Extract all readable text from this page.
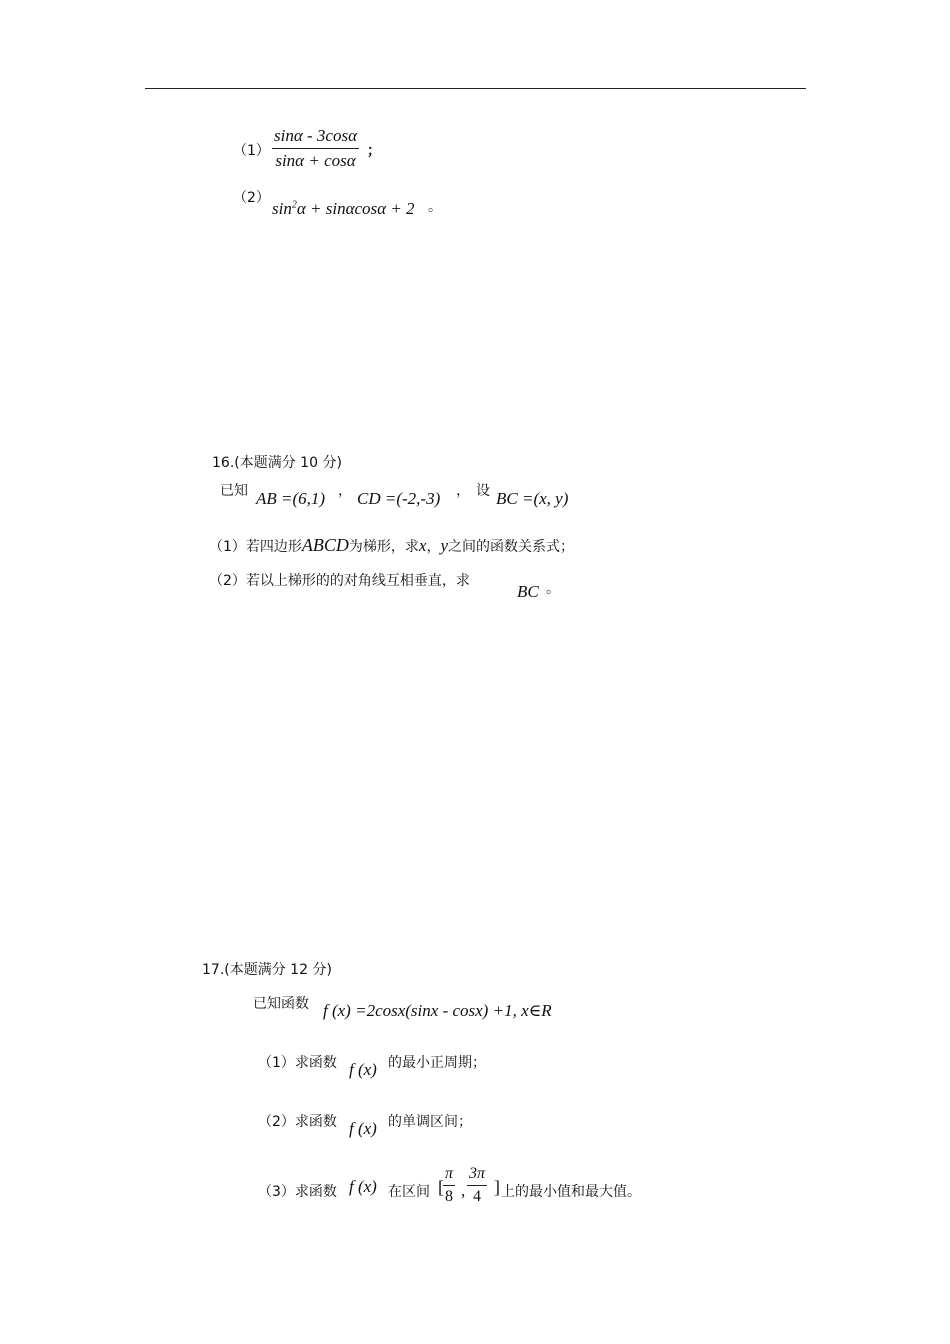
$(1) \frac{\sin\alpha - 3\cos\alpha}{\sin\alpha + \cos\alpha}$ ；
（2）
$\sin^2\alpha + \sin\alpha\cos\alpha + 2$ 。
16.(本题满分 10 分)
已知 AB =(6,1) ， CD =(-2,-3) ， 设 BC =(x, y)
（1）若四边形ABCD为梯形，求x，y之间的函数关系式；
（2）若以上梯形的的对角线互相垂直，求
BC 。
17.(本题满分 12 分)
已知函数 f (x) =2cosx(sinx - cosx) +1, x∈R
（1）求函数 f (x) 的最小正周期；
（2）求函数 f (x) 的单调区间；
（3）求函数 f (x) 在区间 [ $\frac{\pi}{8}$ , $\frac{3\pi}{4}$ ] 上的最小值和最大值。
